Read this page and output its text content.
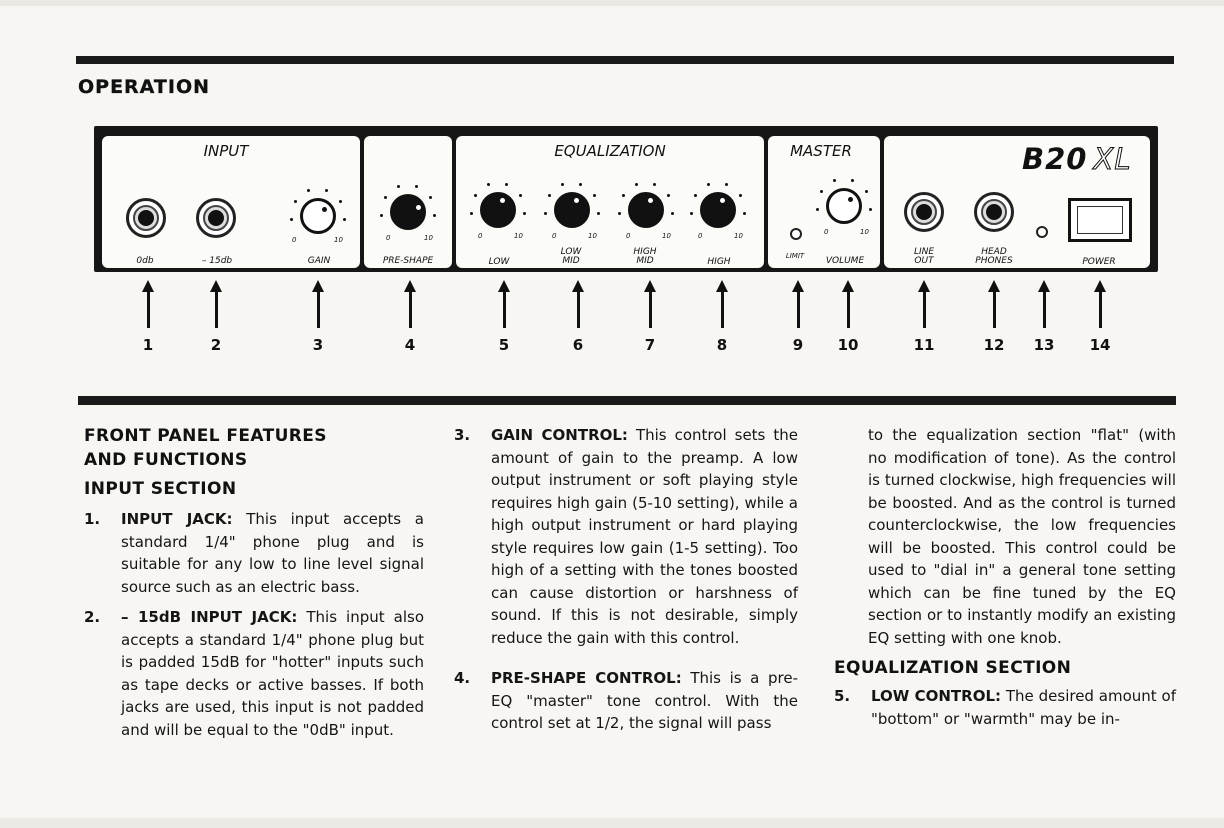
OPERATION
INPUT
0	10
0db	– 15db	GAIN
0	10
PRE-SHAPE
EQUALIZATION
0	10	0	10	0	10	0	10
LOW
LOW MID
HIGH MID	HIGH
MASTER
0	10
LIMIT	VOLUME
B20 XL
LINE OUT
HEAD PHONES	POWER
1	2	3	4	5	6	7	8	9	10	11	12	13	14
FRONT PANEL FEATURES
AND FUNCTIONS
INPUT SECTION
1. INPUT JACK: This input accepts a standard 1/4" phone plug and is suitable for any low to line level signal source such as an electric bass.
2. – 15dB INPUT JACK: This input also accepts a standard 1/4" phone plug but is padded 15dB for "hotter" inputs such as tape decks or active basses. If both jacks are used, this input is not padded and will be equal to the "0dB" input.
3. GAIN CONTROL: This control sets the amount of gain to the preamp. A low output instrument or soft playing style requires high gain (5-10 setting), while a high output instrument or hard playing style requires low gain (1-5 setting). Too high of a setting with the tones boosted can cause distortion or harshness of sound. If this is not desirable, simply reduce the gain with this control.
4. PRE-SHAPE CONTROL: This is a pre-EQ "master" tone control. With the control set at 1/2, the signal will pass
to the equalization section "flat" (with no modification of tone). As the control is turned clockwise, high frequencies will be boosted. And as the control is turned counterclockwise, the low frequencies will be boosted. This control could be used to "dial in" a general tone setting which can be fine tuned by the EQ section or to instantly modify an existing EQ setting with one knob.
EQUALIZATION SECTION
5. LOW CONTROL: The desired amount of "bottom" or "warmth" may be in-
